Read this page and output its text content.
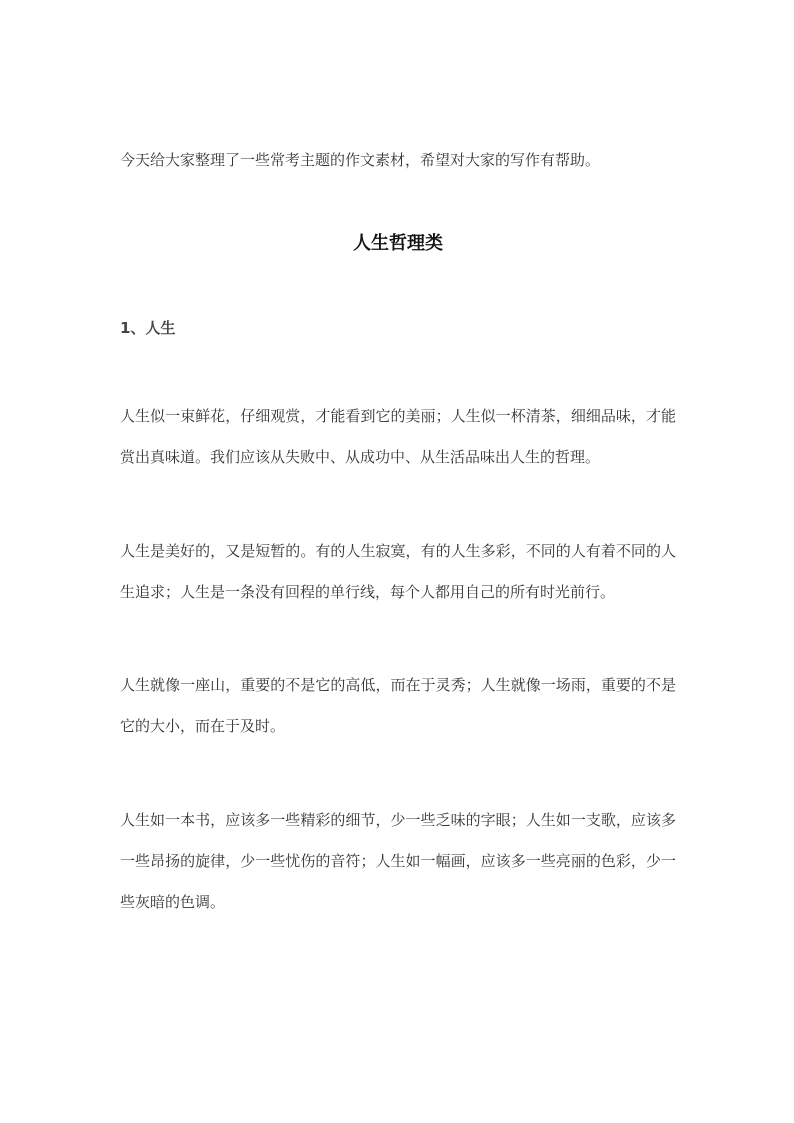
今天给大家整理了一些常考主题的作文素材，希望对大家的写作有帮助。

人生哲理类
1、人生

人生似一束鲜花，仔细观赏，才能看到它的美丽；人生似一杯清茶，细细品味，才能赏出真味道。我们应该从失败中、从成功中、从生活品味出人生的哲理。

人生是美好的，又是短暂的。有的人生寂寞，有的人生多彩，不同的人有着不同的人生追求；人生是一条没有回程的单行线，每个人都用自己的所有时光前行。

人生就像一座山，重要的不是它的高低，而在于灵秀；人生就像一场雨，重要的不是它的大小，而在于及时。

人生如一本书，应该多一些精彩的细节，少一些乏味的字眼；人生如一支歌，应该多一些昂扬的旋律，少一些忧伤的音符；人生如一幅画，应该多一些亮丽的色彩，少一些灰暗的色调。
